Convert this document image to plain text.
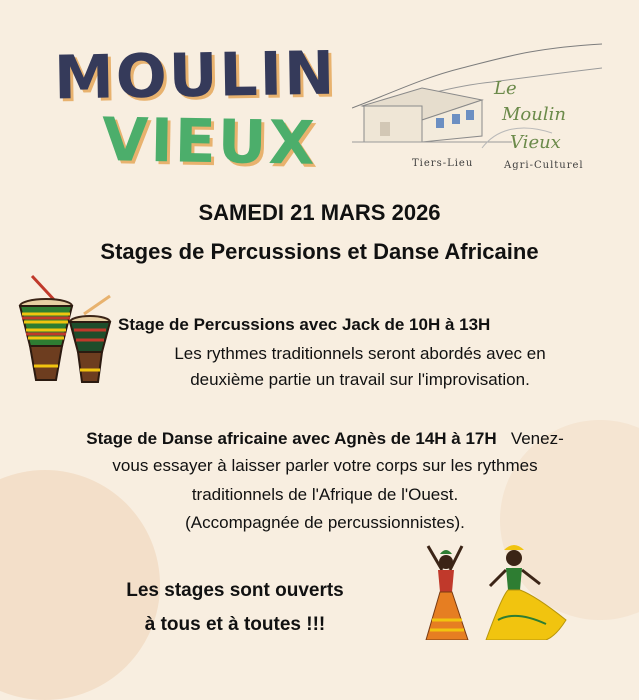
MOULIN
VIEUX
Le
Moulin
Vieux
Tiers-Lieu	Agri-Culturel
SAMEDI 21 MARS 2026
Stages de Percussions et Danse Africaine
Stage de Percussions avec Jack de 10H à 13H
Les rythmes traditionnels seront abordés avec en
deuxième partie un travail sur l'improvisation.
Stage de Danse africaine avec Agnès de 14H à 17H Venez-
vous essayer à laisser parler votre corps sur les rythmes
traditionnels de l'Afrique de l'Ouest.
(Accompagnée de percussionnistes).
Les stages sont ouverts
à tous et à toutes !!!
